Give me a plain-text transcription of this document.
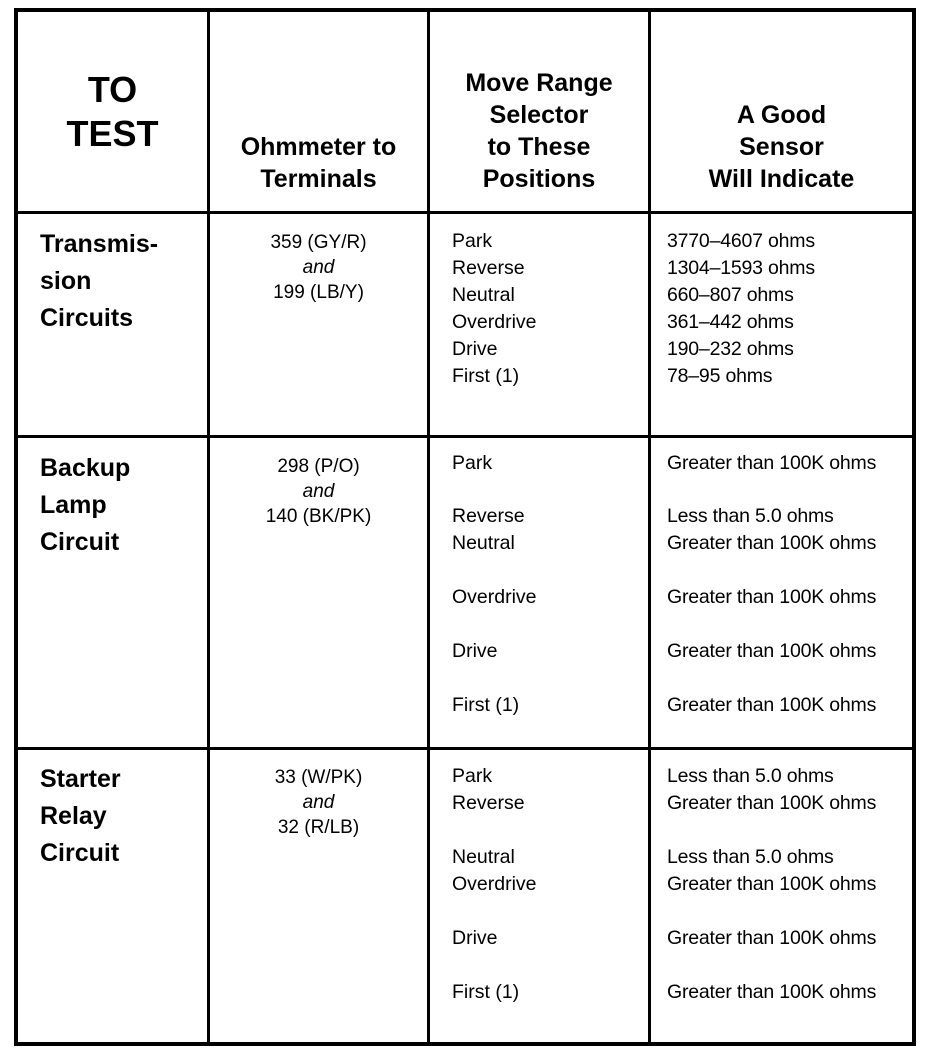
TO
TEST	Ohmmeter to
Terminals
Move Range
Selector
to These
Positions
A Good
Sensor
Will Indicate
Transmis-
sion
Circuits
359 (GY/R)
and
199 (LB/Y)
Park
Reverse
Neutral
Overdrive
Drive
First (1)
3770–4607 ohms
1304–1593 ohms
660–807 ohms
361–442 ohms
190–232 ohms
78–95 ohms
Backup
Lamp
Circuit
298 (P/O)
and
140 (BK/PK)
Park
Reverse
Neutral
Overdrive
Drive
First (1)
Greater than 100K ohms
Less than 5.0 ohms
Greater than 100K ohms
Greater than 100K ohms
Greater than 100K ohms
Greater than 100K ohms
Starter
Relay
Circuit
33 (W/PK)
and
32 (R/LB)
Park
Reverse
Neutral
Overdrive
Drive
First (1)
Less than 5.0 ohms
Greater than 100K ohms
Less than 5.0 ohms
Greater than 100K ohms
Greater than 100K ohms
Greater than 100K ohms
